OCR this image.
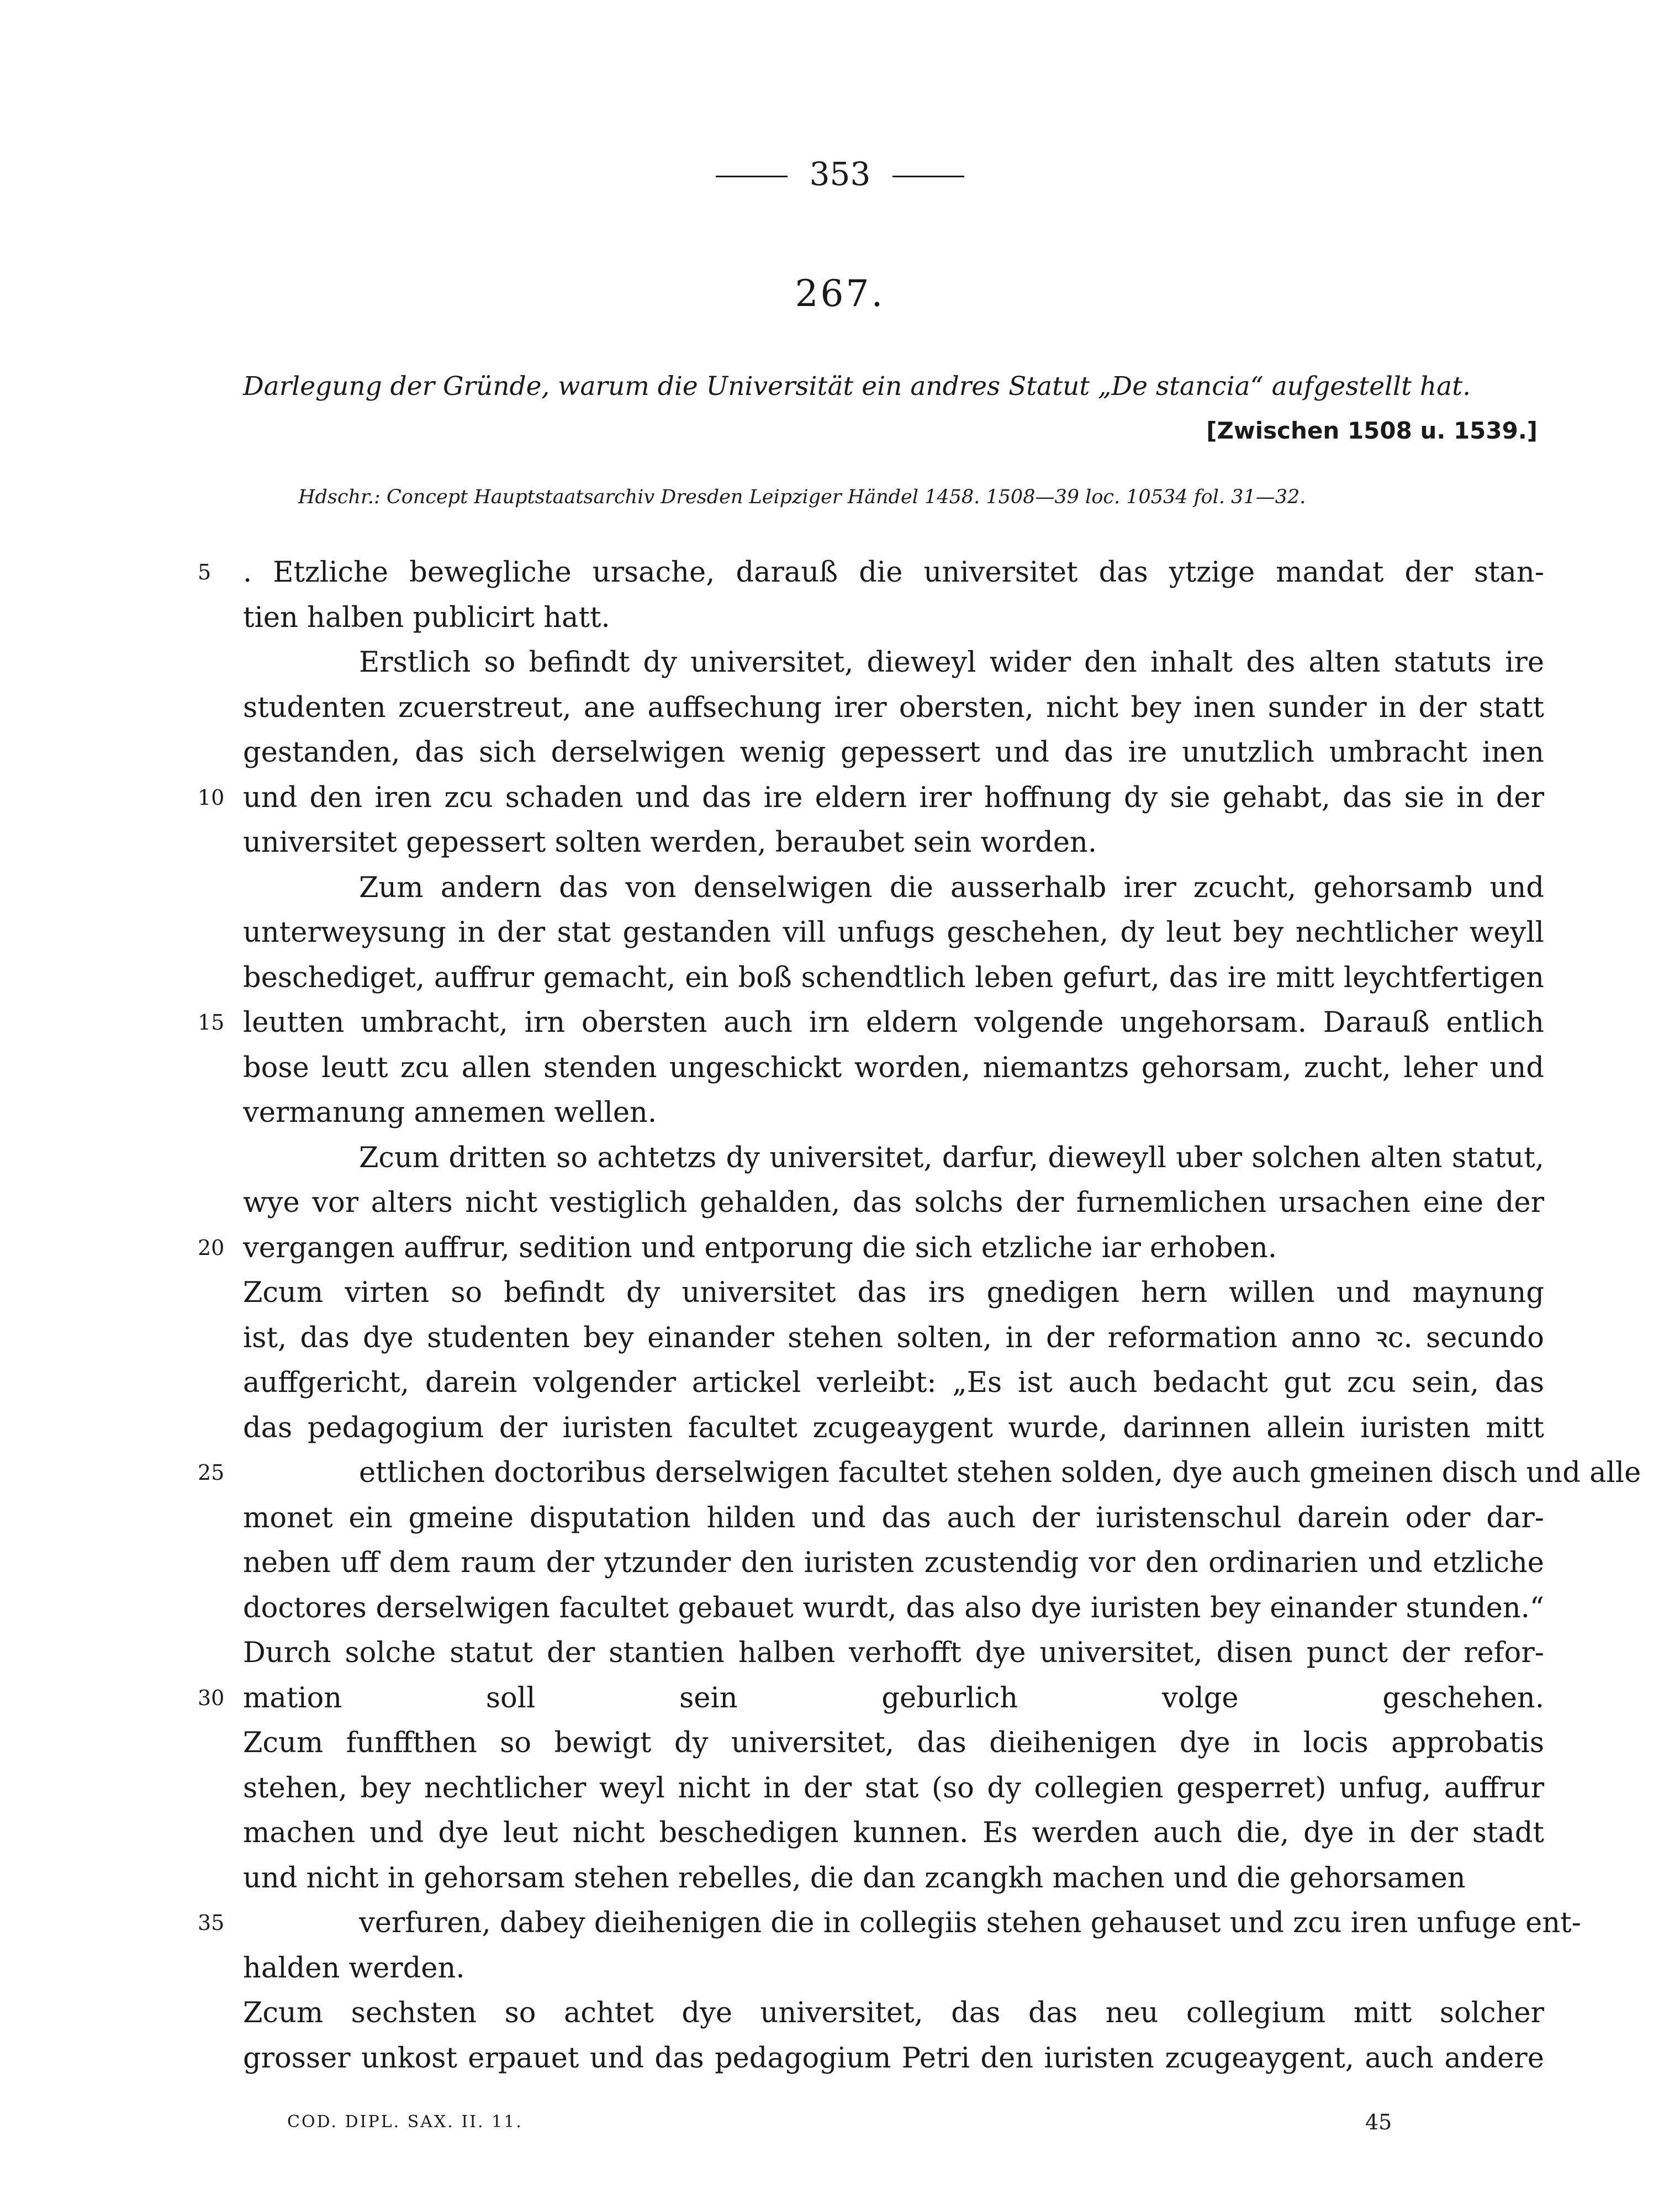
353
267.
Darlegung der Gründe, warum die Universität ein andres Statut „De stancia“ aufgestellt hat.
[Zwischen 1508 u. 1539.]
Hdschr.: Concept Hauptstaatsarchiv Dresden Leipziger Händel 1458. 1508—39 loc. 10534 fol. 31—32.
5	. Etzliche bewegliche ursache, darauß die universitet das ytzige mandat der stan-
tien halben publicirt hatt.
Erstlich so befindt dy universitet, dieweyl wider den inhalt des alten statuts ire
studenten zcuerstreut, ane auffsechung irer obersten, nicht bey inen sunder in der statt
gestanden, das sich derselwigen wenig gepessert und das ire unutzlich umbracht inen
10 und den iren zcu schaden und das ire eldern irer hoffnung dy sie gehabt, das sie in der
universitet gepessert solten werden, beraubet sein worden.
Zum andern das von denselwigen die ausserhalb irer zcucht, gehorsamb und
unterweysung in der stat gestanden vill unfugs geschehen, dy leut bey nechtlicher weyll
beschediget, auffrur gemacht, ein boß schendtlich leben gefurt, das ire mitt leychtfertigen
15 leutten umbracht, irn obersten auch irn eldern volgende ungehorsam. Darauß entlich
bose leutt zcu allen stenden ungeschickt worden, niemantzs gehorsam, zucht, leher und
vermanung annemen wellen.
Zcum dritten so achtetzs dy universitet, darfur, dieweyll uber solchen alten statut,
wye vor alters nicht vestiglich gehalden, das solchs der furnemlichen ursachen eine der
20 vergangen auffrur, sedition und entporung die sich etzliche iar erhoben.
Zcum virten so befindt dy universitet das irs gnedigen hern willen und maynung
ist, das dye studenten bey einander stehen solten, in der reformation anno ꝛc. secundo
auffgericht, darein volgender artickel verleibt: „Es ist auch bedacht gut zcu sein, das
das pedagogium der iuristen facultet zcugeaygent wurde, darinnen allein iuristen mitt
25	ettlichen doctoribus derselwigen facultet stehen solden, dye auch gmeinen disch und alle
monet ein gmeine disputation hilden und das auch der iuristenschul darein oder dar-
neben uff dem raum der ytzunder den iuristen zcustendig vor den ordinarien und etzliche
doctores derselwigen facultet gebauet wurdt, das also dye iuristen bey einander stunden.“
Durch solche statut der stantien halben verhofft dye universitet, disen punct der refor-
30 mation soll sein geburlich volge geschehen.
Zcum funffthen so bewigt dy universitet, das dieihenigen dye in locis approbatis
stehen, bey nechtlicher weyl nicht in der stat (so dy collegien gesperret) unfug, auffrur
machen und dye leut nicht beschedigen kunnen. Es werden auch die, dye in der stadt
und nicht in gehorsam stehen rebelles, die dan zcangkh machen und die gehorsamen
35	verfuren, dabey dieihenigen die in collegiis stehen gehauset und zcu iren unfuge ent-
halden werden.
Zcum sechsten so achtet dye universitet, das das neu collegium mitt solcher
grosser unkost erpauet und das pedagogium Petri den iuristen zcugeaygent, auch andere
COD. DIPL. SAX. II. 11.	45
